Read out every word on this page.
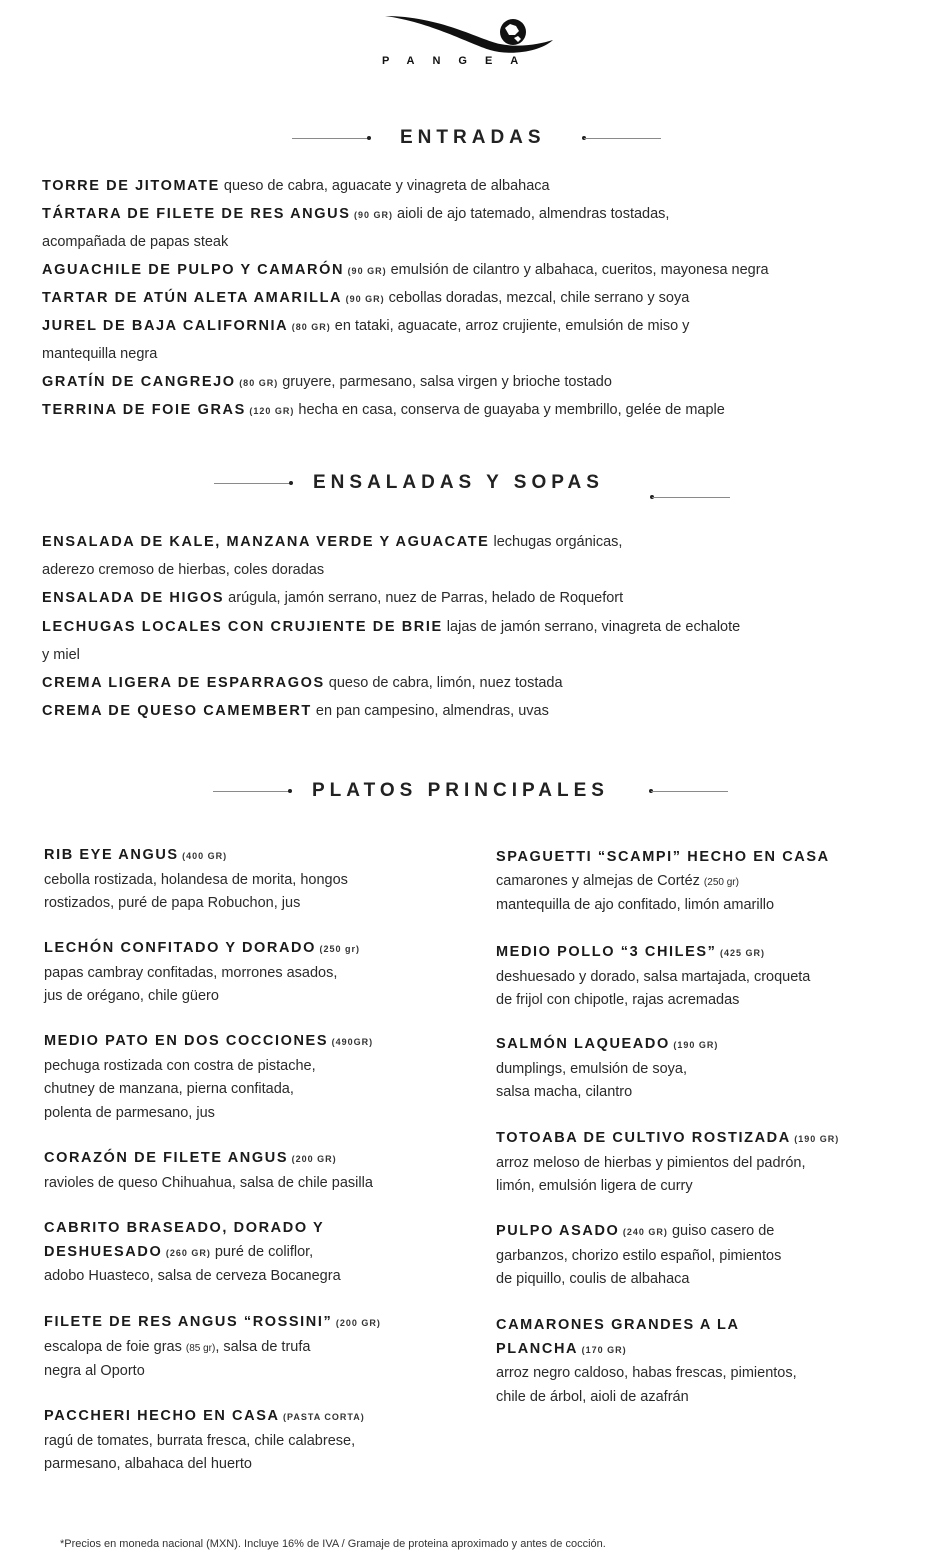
PANGEA
ENTRADAS
TORRE DE JITOMATE queso de cabra, aguacate y vinagreta de albahaca
TÁRTARA DE FILETE DE RES ANGUS (90 GR) aioli de ajo tatemado, almendras tostadas,
acompañada de papas steak
AGUACHILE DE PULPO Y CAMARÓN (90 GR) emulsión de cilantro y albahaca, cueritos, mayonesa negra
TARTAR DE ATÚN ALETA AMARILLA (90 GR) cebollas doradas, mezcal, chile serrano y soya
JUREL DE BAJA CALIFORNIA (80 GR) en tataki, aguacate, arroz crujiente, emulsión de miso y
mantequilla negra
GRATÍN DE CANGREJO (80 GR) gruyere, parmesano, salsa virgen y brioche tostado
TERRINA DE FOIE GRAS (120 GR) hecha en casa, conserva de guayaba y membrillo, gelée de maple
ENSALADAS Y SOPAS
ENSALADA DE KALE, MANZANA VERDE Y AGUACATE lechugas orgánicas,
aderezo cremoso de hierbas, coles doradas
ENSALADA DE HIGOS arúgula, jamón serrano, nuez de Parras, helado de Roquefort
LECHUGAS LOCALES CON CRUJIENTE DE BRIE lajas de jamón serrano, vinagreta de echalote
y miel
CREMA LIGERA DE ESPARRAGOS queso de cabra, limón, nuez tostada
CREMA DE QUESO CAMEMBERT en pan campesino, almendras, uvas
PLATOS PRINCIPALES
RIB EYE ANGUS (400 GR)
cebolla rostizada, holandesa de morita, hongos
rostizados, puré de papa Robuchon, jus
LECHÓN CONFITADO Y DORADO (250 gr)
papas cambray confitadas, morrones asados,
jus de orégano, chile güero
MEDIO PATO EN DOS COCCIONES (490GR)
pechuga rostizada con costra de pistache,
chutney de manzana, pierna confitada,
polenta de parmesano, jus
CORAZÓN DE FILETE ANGUS (200 GR)
ravioles de queso Chihuahua, salsa de chile pasilla
CABRITO BRASEADO, DORADO Y
DESHUESADO (260 GR) puré de coliflor,
adobo Huasteco, salsa de cerveza Bocanegra
FILETE DE RES ANGUS “ROSSINI” (200 GR)
escalopa de foie gras (85 gr), salsa de trufa
negra al Oporto
PACCHERI HECHO EN CASA (PASTA CORTA)
ragú de tomates, burrata fresca, chile calabrese,
parmesano, albahaca del huerto
SPAGUETTI “SCAMPI” HECHO EN CASA
camarones y almejas de Cortéz (250 gr)
mantequilla de ajo confitado, limón amarillo
MEDIO POLLO “3 CHILES” (425 GR)
deshuesado y dorado, salsa martajada, croqueta
de frijol con chipotle, rajas acremadas
SALMÓN LAQUEADO (190 GR)
dumplings, emulsión de soya,
salsa macha, cilantro
TOTOABA DE CULTIVO ROSTIZADA (190 GR)
arroz meloso de hierbas y pimientos del padrón,
limón, emulsión ligera de curry
PULPO ASADO (240 GR) guiso casero de
garbanzos, chorizo estilo español, pimientos
de piquillo, coulis de albahaca
CAMARONES GRANDES A LA
PLANCHA (170 GR)
arroz negro caldoso, habas frescas, pimientos,
chile de árbol, aioli de azafrán
*Precios en moneda nacional (MXN). Incluye 16% de IVA / Gramaje de proteina aproximado y antes de cocción.
